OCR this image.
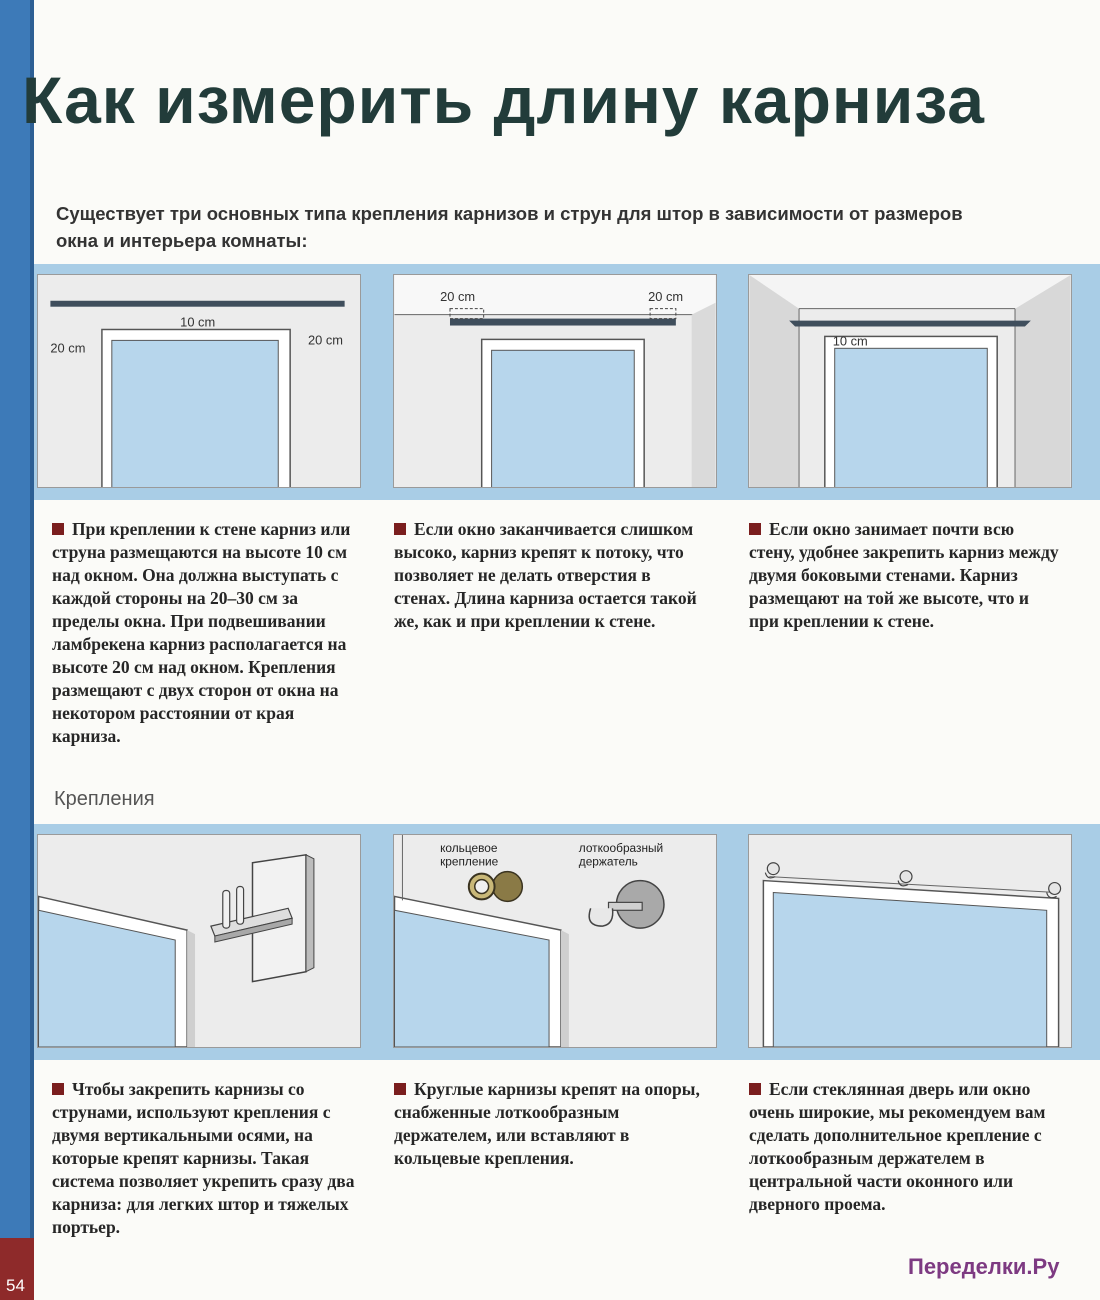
54
Как измерить длину карниза
Существует три основных типа крепления карнизов и струн для штор в зависимости от размеров окна и интерьера комнаты:
20 cm
10 cm
20 cm
20 cm	20 cm
10 cm

При креплении к стене карниз или струна размещаются на высоте 10 см над окном. Она должна выступать с каждой стороны на 20–30 см за пределы окна. При подвешивании ламбрекена карниз располагается на высоте 20 см над окном. Крепления размещают с двух сторон от окна на некотором расстоянии от края карниза.

Если окно заканчивается слишком высоко, карниз крепят к потоку, что позволяет не делать отверстия в стенах. Длина карниза остается такой же, как и при креплении к стене.

Если окно занимает почти всю стену, удобнее закрепить карниз между двумя боковыми стенами. Карниз размещают на той же высоте, что и при креплении к стене.

Крепления
кольцевое
крепление
лоткообразный
держатель

Чтобы закрепить карнизы со струнами, используют крепления с двумя вертикальными осями, на которые крепят карнизы. Такая система позволяет укрепить сразу два карниза: для легких штор и тяжелых портьер.

Круглые карнизы крепят на опоры, снабженные лоткообразным держателем, или вставляют в кольцевые крепления.

Если стеклянная дверь или окно очень широкие, мы рекомендуем вам сделать дополнительное крепление с лоткообразным держателем в центральной части оконного или дверного проема.

Переделки.Ру
